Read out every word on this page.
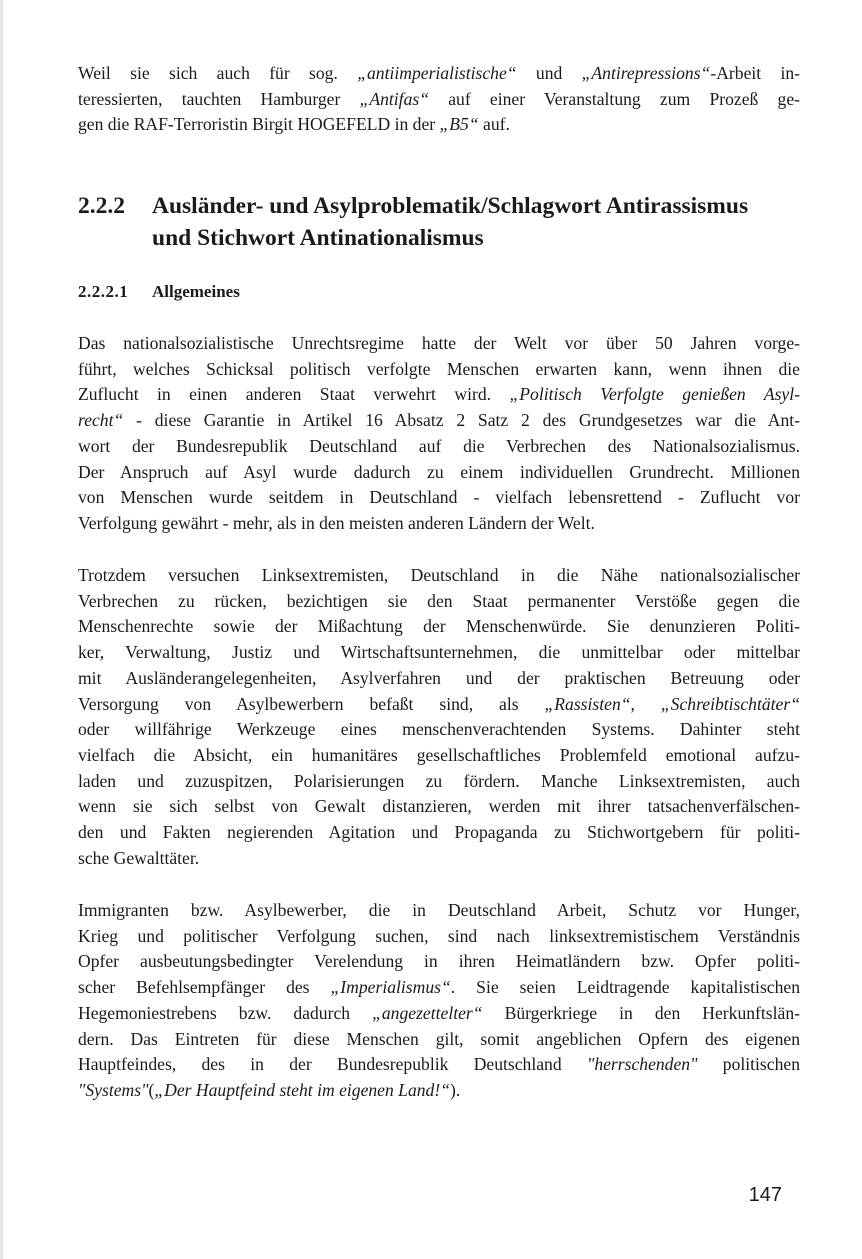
Weil sie sich auch für sog. „antiimperialistische“ und „Antirepressions“-Arbeit in-
teressierten, tauchten Hamburger „Antifas“ auf einer Veranstaltung zum Prozeß ge-
gen die RAF-Terroristin Birgit HOGEFELD in der „B5“ auf.
2.2.2 Ausländer- und Asylproblematik/Schlagwort Antirassismus
und Stichwort Antinationalismus
2.2.2.1 Allgemeines
Das nationalsozialistische Unrechtsregime hatte der Welt vor über 50 Jahren vorge-
führt, welches Schicksal politisch verfolgte Menschen erwarten kann, wenn ihnen die
Zuflucht in einen anderen Staat verwehrt wird. „Politisch Verfolgte genießen Asyl-
recht“ - diese Garantie in Artikel 16 Absatz 2 Satz 2 des Grundgesetzes war die Ant-
wort der Bundesrepublik Deutschland auf die Verbrechen des Nationalsozialismus.
Der Anspruch auf Asyl wurde dadurch zu einem individuellen Grundrecht. Millionen
von Menschen wurde seitdem in Deutschland - vielfach lebensrettend - Zuflucht vor
Verfolgung gewährt - mehr, als in den meisten anderen Ländern der Welt.
Trotzdem versuchen Linksextremisten, Deutschland in die Nähe nationalsozialischer
Verbrechen zu rücken, bezichtigen sie den Staat permanenter Verstöße gegen die
Menschenrechte sowie der Mißachtung der Menschenwürde. Sie denunzieren Politi-
ker, Verwaltung, Justiz und Wirtschaftsunternehmen, die unmittelbar oder mittelbar
mit Ausländerangelegenheiten, Asylverfahren und der praktischen Betreuung oder
Versorgung von Asylbewerbern befaßt sind, als „Rassisten“, „Schreibtischtäter“
oder willfährige Werkzeuge eines menschenverachtenden Systems. Dahinter steht
vielfach die Absicht, ein humanitäres gesellschaftliches Problemfeld emotional aufzu-
laden und zuzuspitzen, Polarisierungen zu fördern. Manche Linksextremisten, auch
wenn sie sich selbst von Gewalt distanzieren, werden mit ihrer tatsachenverfälschen-
den und Fakten negierenden Agitation und Propaganda zu Stichwortgebern für politi-
sche Gewalttäter.
Immigranten bzw. Asylbewerber, die in Deutschland Arbeit, Schutz vor Hunger,
Krieg und politischer Verfolgung suchen, sind nach linksextremistischem Verständnis
Opfer ausbeutungsbedingter Verelendung in ihren Heimatländern bzw. Opfer politi-
scher Befehlsempfänger des „Imperialismus“. Sie seien Leidtragende kapitalistischen
Hegemoniestrebens bzw. dadurch „angezettelter“ Bürgerkriege in den Herkunftslän-
dern. Das Eintreten für diese Menschen gilt, somit angeblichen Opfern des eigenen
Hauptfeindes, des in der Bundesrepublik Deutschland "herrschenden" politischen
"Systems"(„Der Hauptfeind steht im eigenen Land!“).
147
